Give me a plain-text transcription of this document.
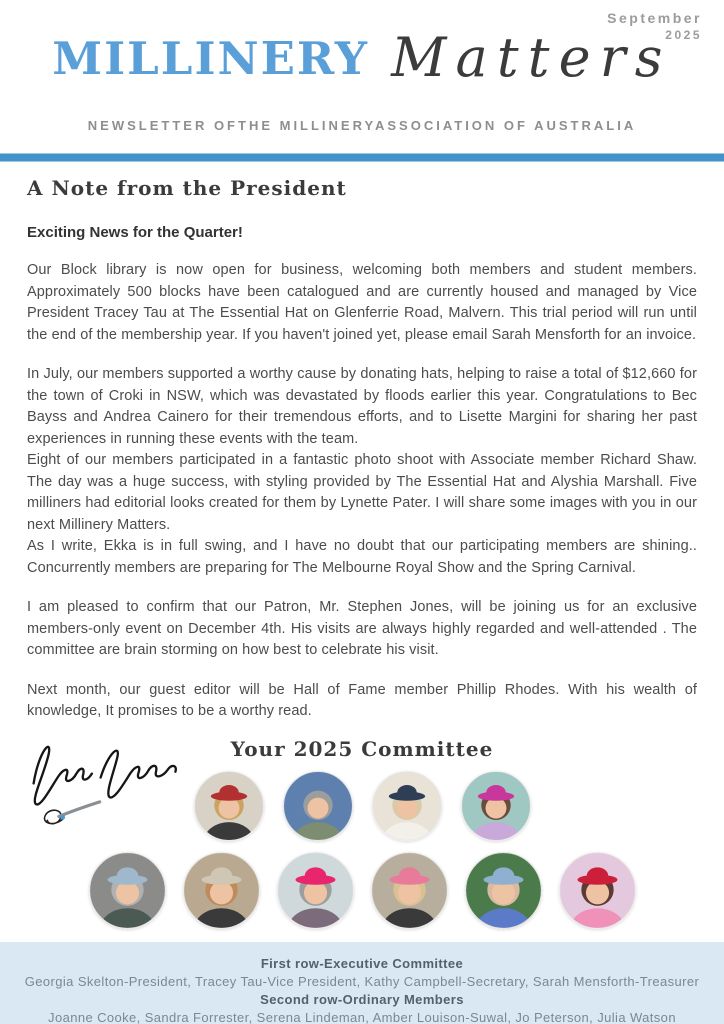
September
2025
MILLINERY Matters
NEWSLETTER OFTHE MILLINERYASSOCIATION OF AUSTRALIA
A Note from the President
Exciting News for the Quarter!

Our Block library is now open for business, welcoming both members and student members. Approximately 500 blocks have been catalogued and are currently housed and managed by Vice President Tracey Tau at The Essential Hat on Glenferrie Road, Malvern. This trial period will run until the end of the membership year. If you haven't joined yet, please email Sarah Mensforth for an invoice.

In July, our members supported a worthy cause by donating hats, helping to raise a total of $12,660 for the town of Croki in NSW, which was devastated by floods earlier this year. Congratulations to Bec Bayss and Andrea Cainero for their tremendous efforts, and to Lisette Margini for sharing her past experiences in running these events with the team.

Eight of our members participated in a fantastic photo shoot with Associate member Richard Shaw. The day was a huge success, with styling provided by The Essential Hat and Alyshia Marshall. Five milliners had editorial looks created for them by Lynette Pater. I will share some images with you in our next Millinery Matters.

As I write, Ekka is in full swing, and I have no doubt that our participating members are shining.. Concurrently members are preparing for The Melbourne Royal Show and the Spring Carnival.

I am pleased to confirm that our Patron, Mr. Stephen Jones, will be joining us for an exclusive members-only event on December 4th. His visits are always highly regarded and well-attended . The committee are brain storming on how best to celebrate his visit.

Next month, our guest editor will be Hall of Fame member Phillip Rhodes. With his wealth of knowledge, It promises to be a worthy read.

Your 2025 Committee
First row-Executive Committee
Georgia Skelton-President, Tracey Tau-Vice President, Kathy Campbell-Secretary, Sarah Mensforth-Treasurer
Second row-Ordinary Members
Joanne Cooke, Sandra Forrester, Serena Lindeman, Amber Louison-Suwal, Jo Peterson, Julia Watson
